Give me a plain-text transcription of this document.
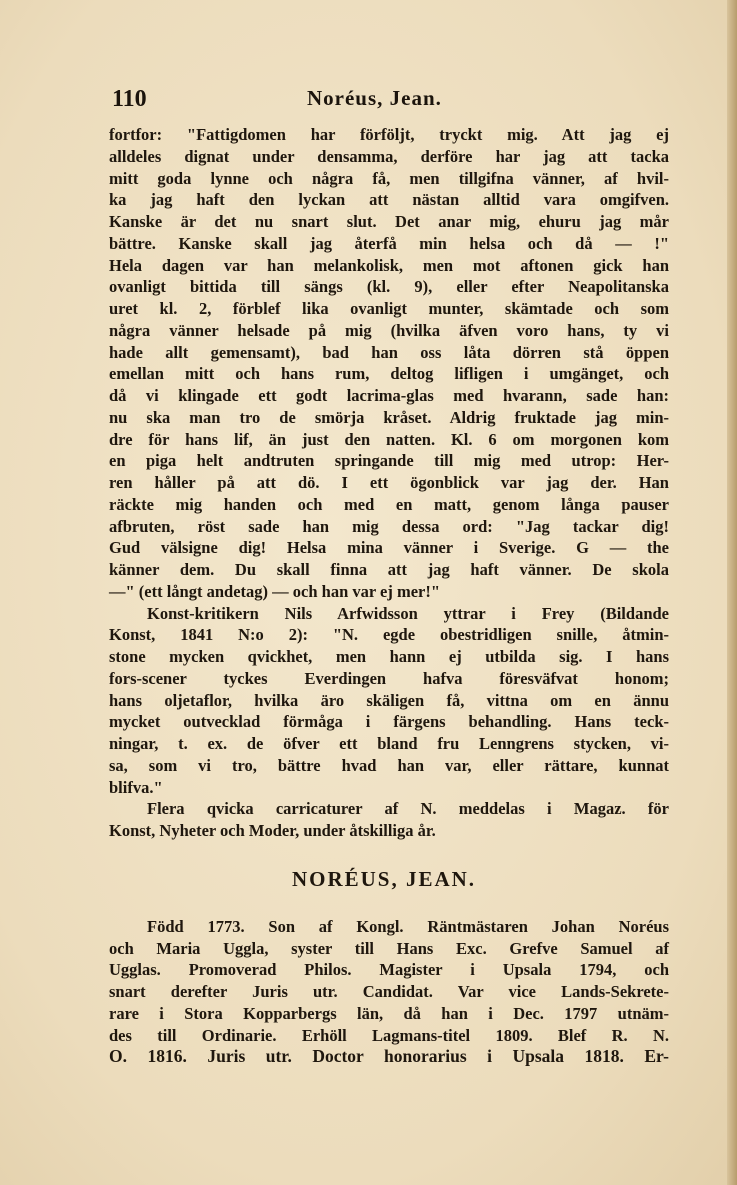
110	Noréus, Jean.
fortfor: "Fattigdomen har förföljt, tryckt mig. Att jag ej
alldeles dignat under densamma, derföre har jag att tacka
mitt goda lynne och några få, men tillgifna vänner, af hvil-
ka jag haft den lyckan att nästan alltid vara omgifven.
Kanske är det nu snart slut. Det anar mig, ehuru jag mår
bättre. Kanske skall jag återfå min helsa och då — !"
Hela dagen var han melankolisk, men mot aftonen gick han
ovanligt bittida till sängs (kl. 9), eller efter Neapolitanska
uret kl. 2, förblef lika ovanligt munter, skämtade och som
några vänner helsade på mig (hvilka äfven voro hans, ty vi
hade allt gemensamt), bad han oss låta dörren stå öppen
emellan mitt och hans rum, deltog lifligen i umgänget, och
då vi klingade ett godt lacrima-glas med hvarann, sade han:
nu ska man tro de smörja kråset. Aldrig fruktade jag min-
dre för hans lif, än just den natten. Kl. 6 om morgonen kom
en piga helt andtruten springande till mig med utrop: Her-
ren håller på att dö. I ett ögonblick var jag der. Han
räckte mig handen och med en matt, genom långa pauser
afbruten, röst sade han mig dessa ord: "Jag tackar dig!
Gud välsigne dig! Helsa mina vänner i Sverige. G — the
känner dem. Du skall finna att jag haft vänner. De skola
—" (ett långt andetag) — och han var ej mer!"
Konst-kritikern Nils Arfwidsson yttrar i Frey (Bildande
Konst, 1841 N:o 2): "N. egde obestridligen snille, åtmin-
stone mycken qvickhet, men hann ej utbilda sig. I hans
fors-scener tyckes Everdingen hafva föresväfvat honom;
hans oljetaflor, hvilka äro skäligen få, vittna om en ännu
mycket outvecklad förmåga i färgens behandling. Hans teck-
ningar, t. ex. de öfver ett bland fru Lenngrens stycken, vi-
sa, som vi tro, bättre hvad han var, eller rättare, kunnat
blifva."
Flera qvicka carricaturer af N. meddelas i Magaz. för
Konst, Nyheter och Moder, under åtskilliga år.
NORÉUS, JEAN.
Född 1773. Son af Kongl. Räntmästaren Johan Noréus
och Maria Uggla, syster till Hans Exc. Grefve Samuel af
Ugglas. Promoverad Philos. Magister i Upsala 1794, och
snart derefter Juris utr. Candidat. Var vice Lands-Sekrete-
rare i Stora Kopparbergs län, då han i Dec. 1797 utnäm-
des till Ordinarie. Erhöll Lagmans-titel 1809. Blef R. N.
O. 1816. Juris utr. Doctor honorarius i Upsala 1818. Er-
